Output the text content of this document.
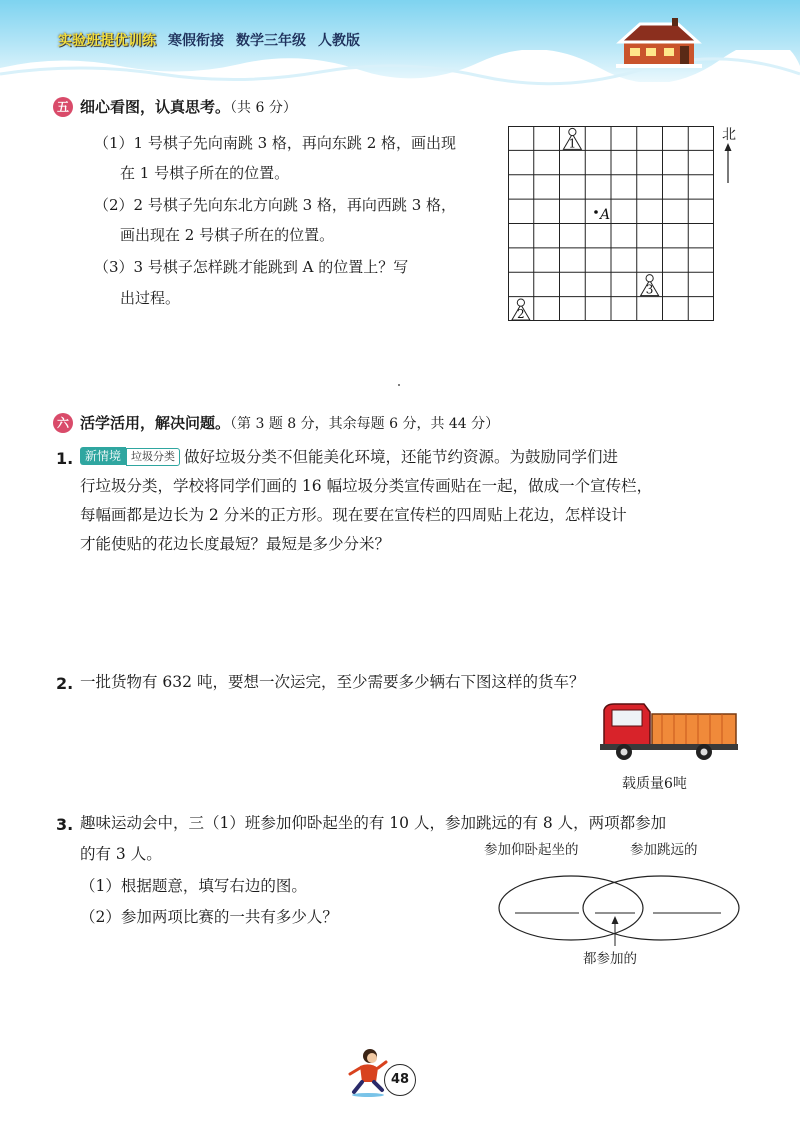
实验班提优训练 寒假衔接 数学三年级 人教版
五 细心看图，认真思考。（共 6 分）
（1）1 号棋子先向南跳 3 格，再向东跳 2 格，画出现
在 1 号棋子所在的位置。
（2）2 号棋子先向东北方向跳 3 格，再向西跳 3 格，
画出现在 2 号棋子所在的位置。
（3）3 号棋子怎样跳才能跳到 A 的位置上？写
出过程。
1
3
2
A
北
六 活学活用，解决问题。（第 3 题 8 分，其余每题 6 分，共 44 分）
1. 新情境 垃圾分类 做好垃圾分类不但能美化环境，还能节约资源。为鼓励同学们进
行垃圾分类，学校将同学们画的 16 幅垃圾分类宣传画贴在一起，做成一个宣传栏，
每幅画都是边长为 2 分米的正方形。现在要在宣传栏的四周贴上花边，怎样设计
才能使贴的花边长度最短？最短是多少分米？
2. 一批货物有 632 吨，要想一次运完，至少需要多少辆右下图这样的货车？
载质量6吨
3. 趣味运动会中，三（1）班参加仰卧起坐的有 10 人，参加跳远的有 8 人，两项都参加
的有 3 人。
（1）根据题意，填写右边的图。
（2）参加两项比赛的一共有多少人？
参加仰卧起坐的	参加跳远的
都参加的
48
